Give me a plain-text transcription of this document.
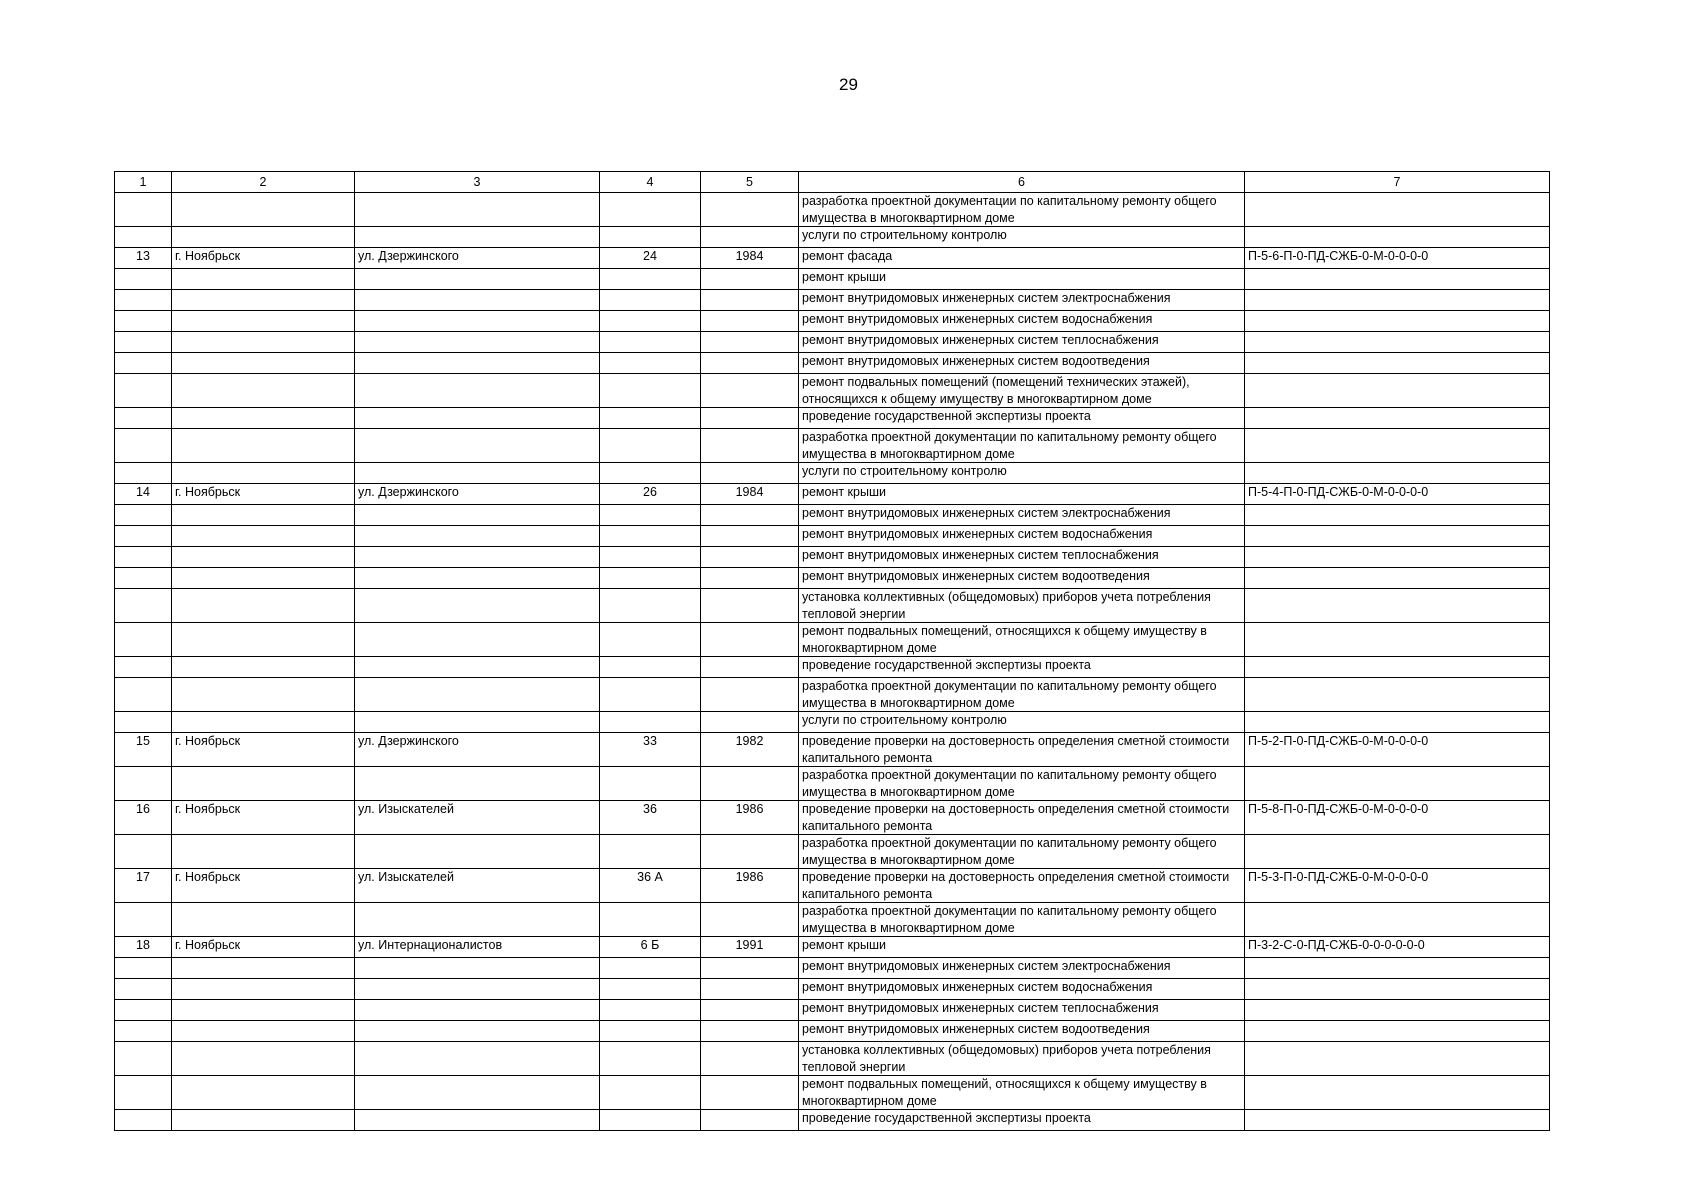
29
1	2	3	4	5	6	7
					разработка проектной документации по капитальному ремонту общего имущества в многоквартирном доме	
					услуги по строительному контролю	
13	г. Ноябрьск	ул. Дзержинского	24	1984	ремонт фасада	П-5-6-П-0-ПД-СЖБ-0-М-0-0-0-0
					ремонт крыши	
					ремонт внутридомовых инженерных систем электроснабжения	
					ремонт внутридомовых инженерных систем водоснабжения	
					ремонт внутридомовых инженерных систем теплоснабжения	
					ремонт внутридомовых инженерных систем водоотведения	
					ремонт подвальных помещений (помещений технических этажей), относящихся к общему имуществу в многоквартирном доме	
					проведение государственной экспертизы проекта	
					разработка проектной документации по капитальному ремонту общего имущества в многоквартирном доме	
					услуги по строительному контролю	
14	г. Ноябрьск	ул. Дзержинского	26	1984	ремонт крыши	П-5-4-П-0-ПД-СЖБ-0-М-0-0-0-0
					ремонт внутридомовых инженерных систем электроснабжения	
					ремонт внутридомовых инженерных систем водоснабжения	
					ремонт внутридомовых инженерных систем теплоснабжения	
					ремонт внутридомовых инженерных систем водоотведения	
					установка коллективных (общедомовых) приборов учета потребления тепловой энергии	
					ремонт подвальных помещений, относящихся к общему имуществу в многоквартирном доме	
					проведение государственной экспертизы проекта	
					разработка проектной документации по капитальному ремонту общего имущества в многоквартирном доме	
					услуги по строительному контролю	
15	г. Ноябрьск	ул. Дзержинского	33	1982	проведение проверки на достоверность определения сметной стоимости капитального ремонта	П-5-2-П-0-ПД-СЖБ-0-М-0-0-0-0
					разработка проектной документации по капитальному ремонту общего имущества в многоквартирном доме	
16	г. Ноябрьск	ул. Изыскателей	36	1986	проведение проверки на достоверность определения сметной стоимости капитального ремонта	П-5-8-П-0-ПД-СЖБ-0-М-0-0-0-0
					разработка проектной документации по капитальному ремонту общего имущества в многоквартирном доме	
17	г. Ноябрьск	ул. Изыскателей	36 А	1986	проведение проверки на достоверность определения сметной стоимости капитального ремонта	П-5-3-П-0-ПД-СЖБ-0-М-0-0-0-0
					разработка проектной документации по капитальному ремонту общего имущества в многоквартирном доме	
18	г. Ноябрьск	ул. Интернационалистов	6 Б	1991	ремонт крыши	П-3-2-С-0-ПД-СЖБ-0-0-0-0-0-0
					ремонт внутридомовых инженерных систем электроснабжения	
					ремонт внутридомовых инженерных систем водоснабжения	
					ремонт внутридомовых инженерных систем теплоснабжения	
					ремонт внутридомовых инженерных систем водоотведения	
					установка коллективных (общедомовых) приборов учета потребления тепловой энергии	
					ремонт подвальных помещений, относящихся к общему имуществу в многоквартирном доме	
					проведение государственной экспертизы проекта	
